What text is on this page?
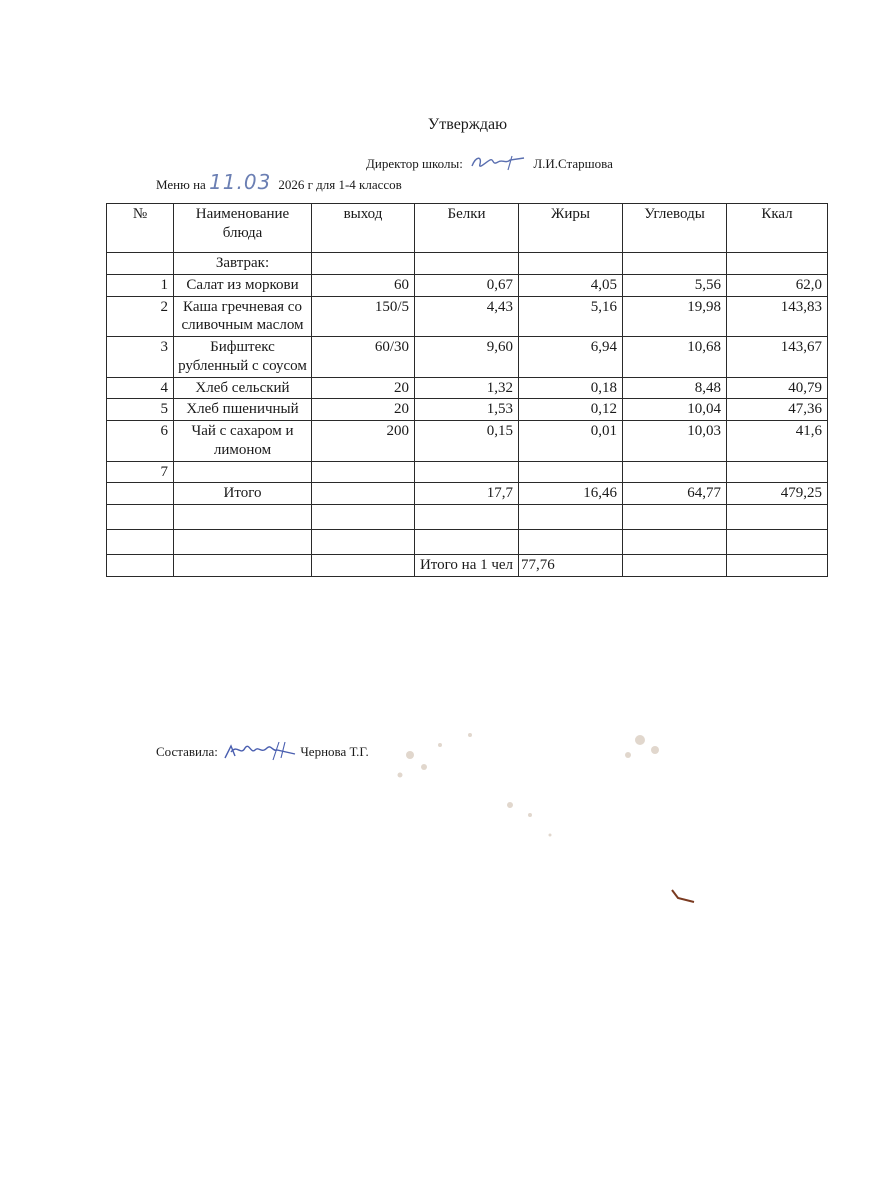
Утверждаю
Директор школы:	Л.И.Старшова
Меню на 11.03 2026 г для 1-4 классов
№	Наименование блюда	выход	Белки	Жиры	Углеводы	Ккал
	Завтрак:					
1	Салат из моркови	60	0,67	4,05	5,56	62,0
2	Каша гречневая со сливочным маслом	150/5	4,43	5,16	19,98	143,83
3	Бифштекс рубленный с соусом	60/30	9,60	6,94	10,68	143,67
4	Хлеб сельский	20	1,32	0,18	8,48	40,79
5	Хлеб пшеничный	20	1,53	0,12	10,04	47,36
6	Чай с сахаром и лимоном	200	0,15	0,01	10,03	41,6
7						
	Итого		17,7	16,46	64,77	479,25

			Итого на 1 чел	77,76		
Составила:	Чернова Т.Г.
